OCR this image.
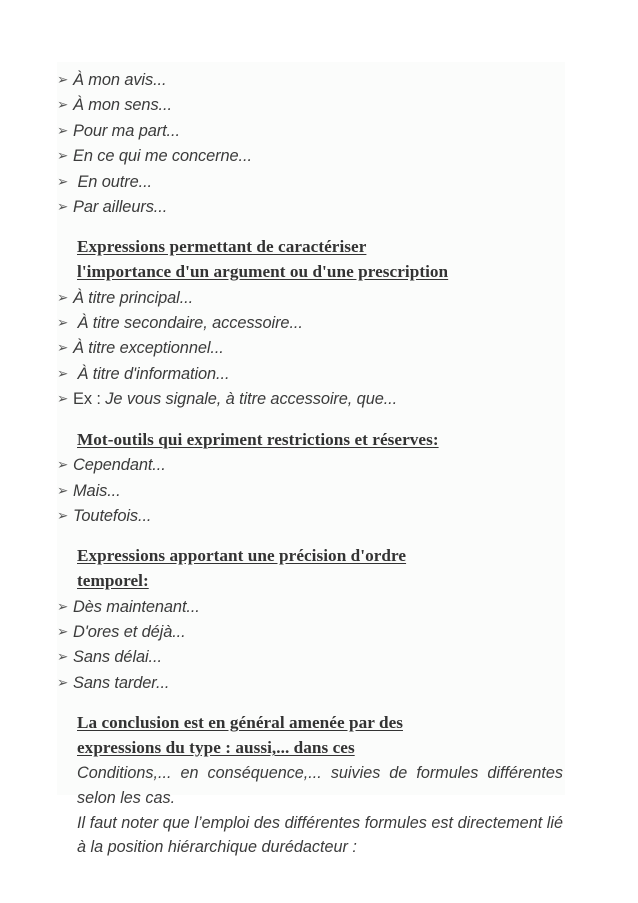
➢ À mon avis...
➢ À mon sens...
➢ Pour ma part...
➢ En ce qui me concerne...
➢ En outre...
➢ Par ailleurs...
Expressions permettant de caractériser
l'importance d'un argument ou d'une prescription
➢ À titre principal...
➢ À titre secondaire, accessoire...
➢ À titre exceptionnel...
➢ À titre d'information...
➢ Ex : Je vous signale, à titre accessoire, que...
Mot-outils qui expriment restrictions et réserves:
➢ Cependant...
➢ Mais...
➢ Toutefois...
Expressions apportant une précision d'ordre
temporel:
➢ Dès maintenant...
➢ D'ores et déjà...
➢ Sans délai...
➢ Sans tarder...
La conclusion est en général amenée par des
expressions du type : aussi,... dans ces
Conditions,... en conséquence,... suivies de formules différentes selon les cas.
Il faut noter que l’emploi des différentes formules est directement lié à la position hiérarchique durédacteur :
